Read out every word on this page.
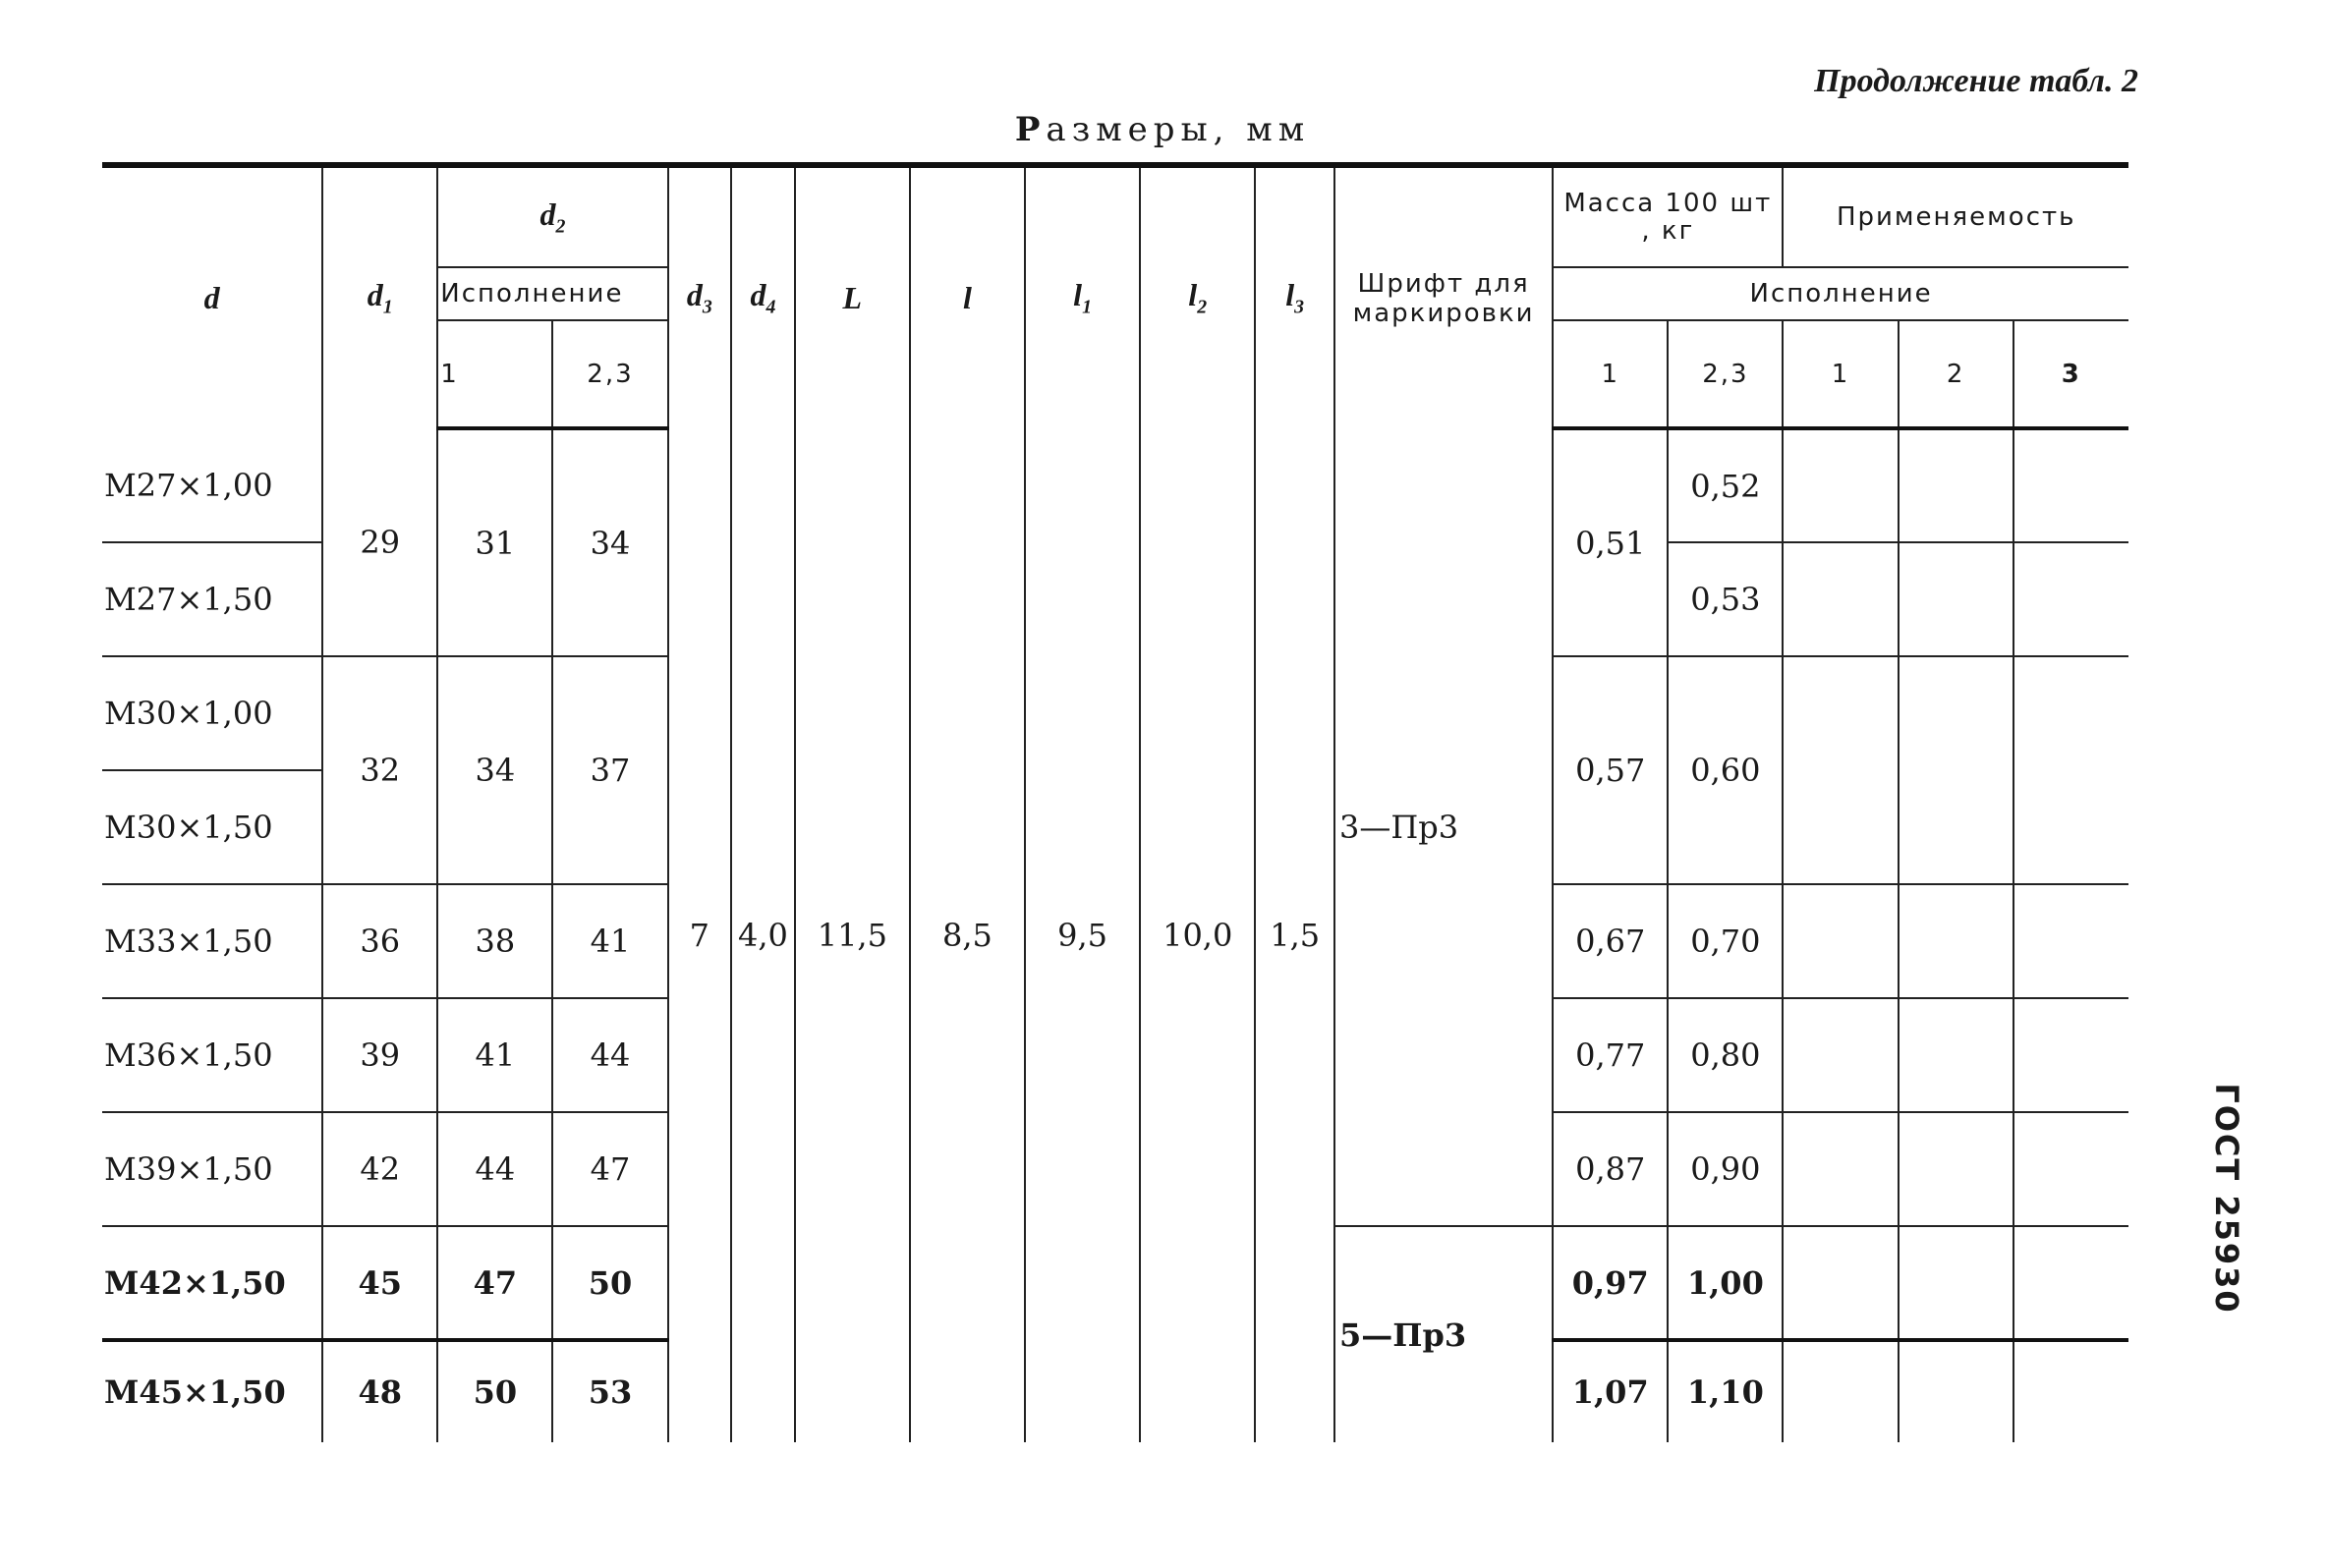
Продолжение табл. 2
Размеры, мм
ГОСТ 25930
d	$d_1$	$d_2$		$d_3$	$d_4$	L	l	$l_1$	$l_2$	$l_3$	Шрифт для маркировки	Масса 100 шт , кг		Применяемость		
		Исполнение										Исполнение				
		1	2,3									1	2,3	1	2	3
M27×1,00	29	31	34	7	4,0	11,5	8,5	9,5	10,0	1,5	3—Пр3	0,51	0,52			
M27×1,50													0,53			
M30×1,00	32	34	37									0,57	0,60			
M30×1,50																
M33×1,50	36	38	41									0,67	0,70			

M36×1,50	39	41	44									0,77	0,80			

M39×1,50	42	44	47									0,87	0,90			

M42×1,50	45	47	50								5—Пр3	0,97	1,00			

M45×1,50	48	50	53									1,07	1,10			
